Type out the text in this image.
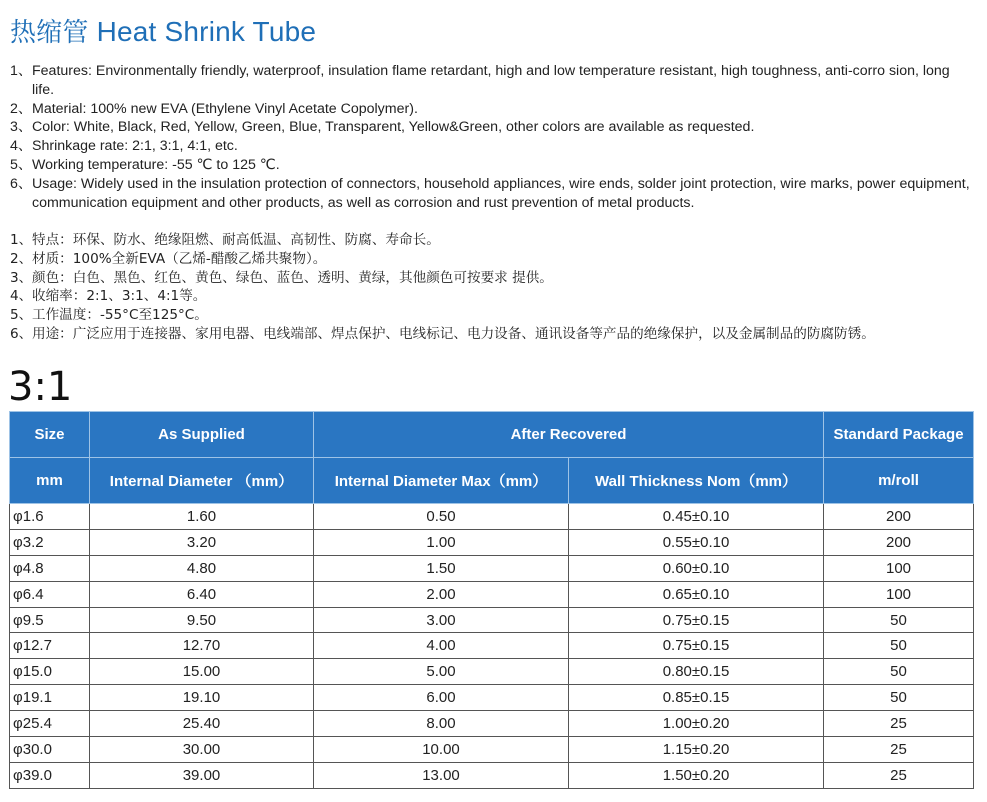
热缩管 Heat Shrink Tube
1、 Features: Environmentally friendly, waterproof, insulation flame retardant, high and low temperature resistant, high toughness, anti-corro sion, long life.
2、 Material: 100% new EVA (Ethylene Vinyl Acetate Copolymer).
3、 Color: White, Black, Red, Yellow, Green, Blue, Transparent, Yellow&Green, other colors are available as requested.
4、 Shrinkage rate: 2:1, 3:1, 4:1, etc.
5、 Working temperature: -55 ℃ to 125 ℃.
6、 Usage: Widely used in the insulation protection of connectors, household appliances, wire ends, solder joint protection, wire marks, power equipment, communication equipment and other products, as well as corrosion and rust prevention of metal products.
1、 特点：环保、防水、绝缘阻燃、耐高低温、高韧性、防腐、寿命长。
2、 材质：100%全新EVA（乙烯-醋酸乙烯共聚物）。
3、 颜色：白色、黑色、红色、黄色、绿色、蓝色、透明、黄绿，其他颜色可按要求 提供。
4、 收缩率：2:1、3:1、4:1等。
5、 工作温度：-55°C至125°C。
6、 用途：广泛应用于连接器、家用电器、电线端部、焊点保护、电线标记、电力设备、通讯设备等产品的绝缘保护，以及金属制品的防腐防锈。
3:1
Size	As Supplied	After Recovered		Standard Package
mm	Internal Diameter （mm）	Internal Diameter Max（mm）	Wall Thickness Nom（mm）	m/roll
φ1.6	1.60	0.50	0.45±0.10	200
φ3.2	3.20	1.00	0.55±0.10	200
φ4.8	4.80	1.50	0.60±0.10	100
φ6.4	6.40	2.00	0.65±0.10	100
φ9.5	9.50	3.00	0.75±0.15	50
φ12.7	12.70	4.00	0.75±0.15	50
φ15.0	15.00	5.00	0.80±0.15	50
φ19.1	19.10	6.00	0.85±0.15	50
φ25.4	25.40	8.00	1.00±0.20	25
φ30.0	30.00	10.00	1.15±0.20	25
φ39.0	39.00	13.00	1.50±0.20	25
